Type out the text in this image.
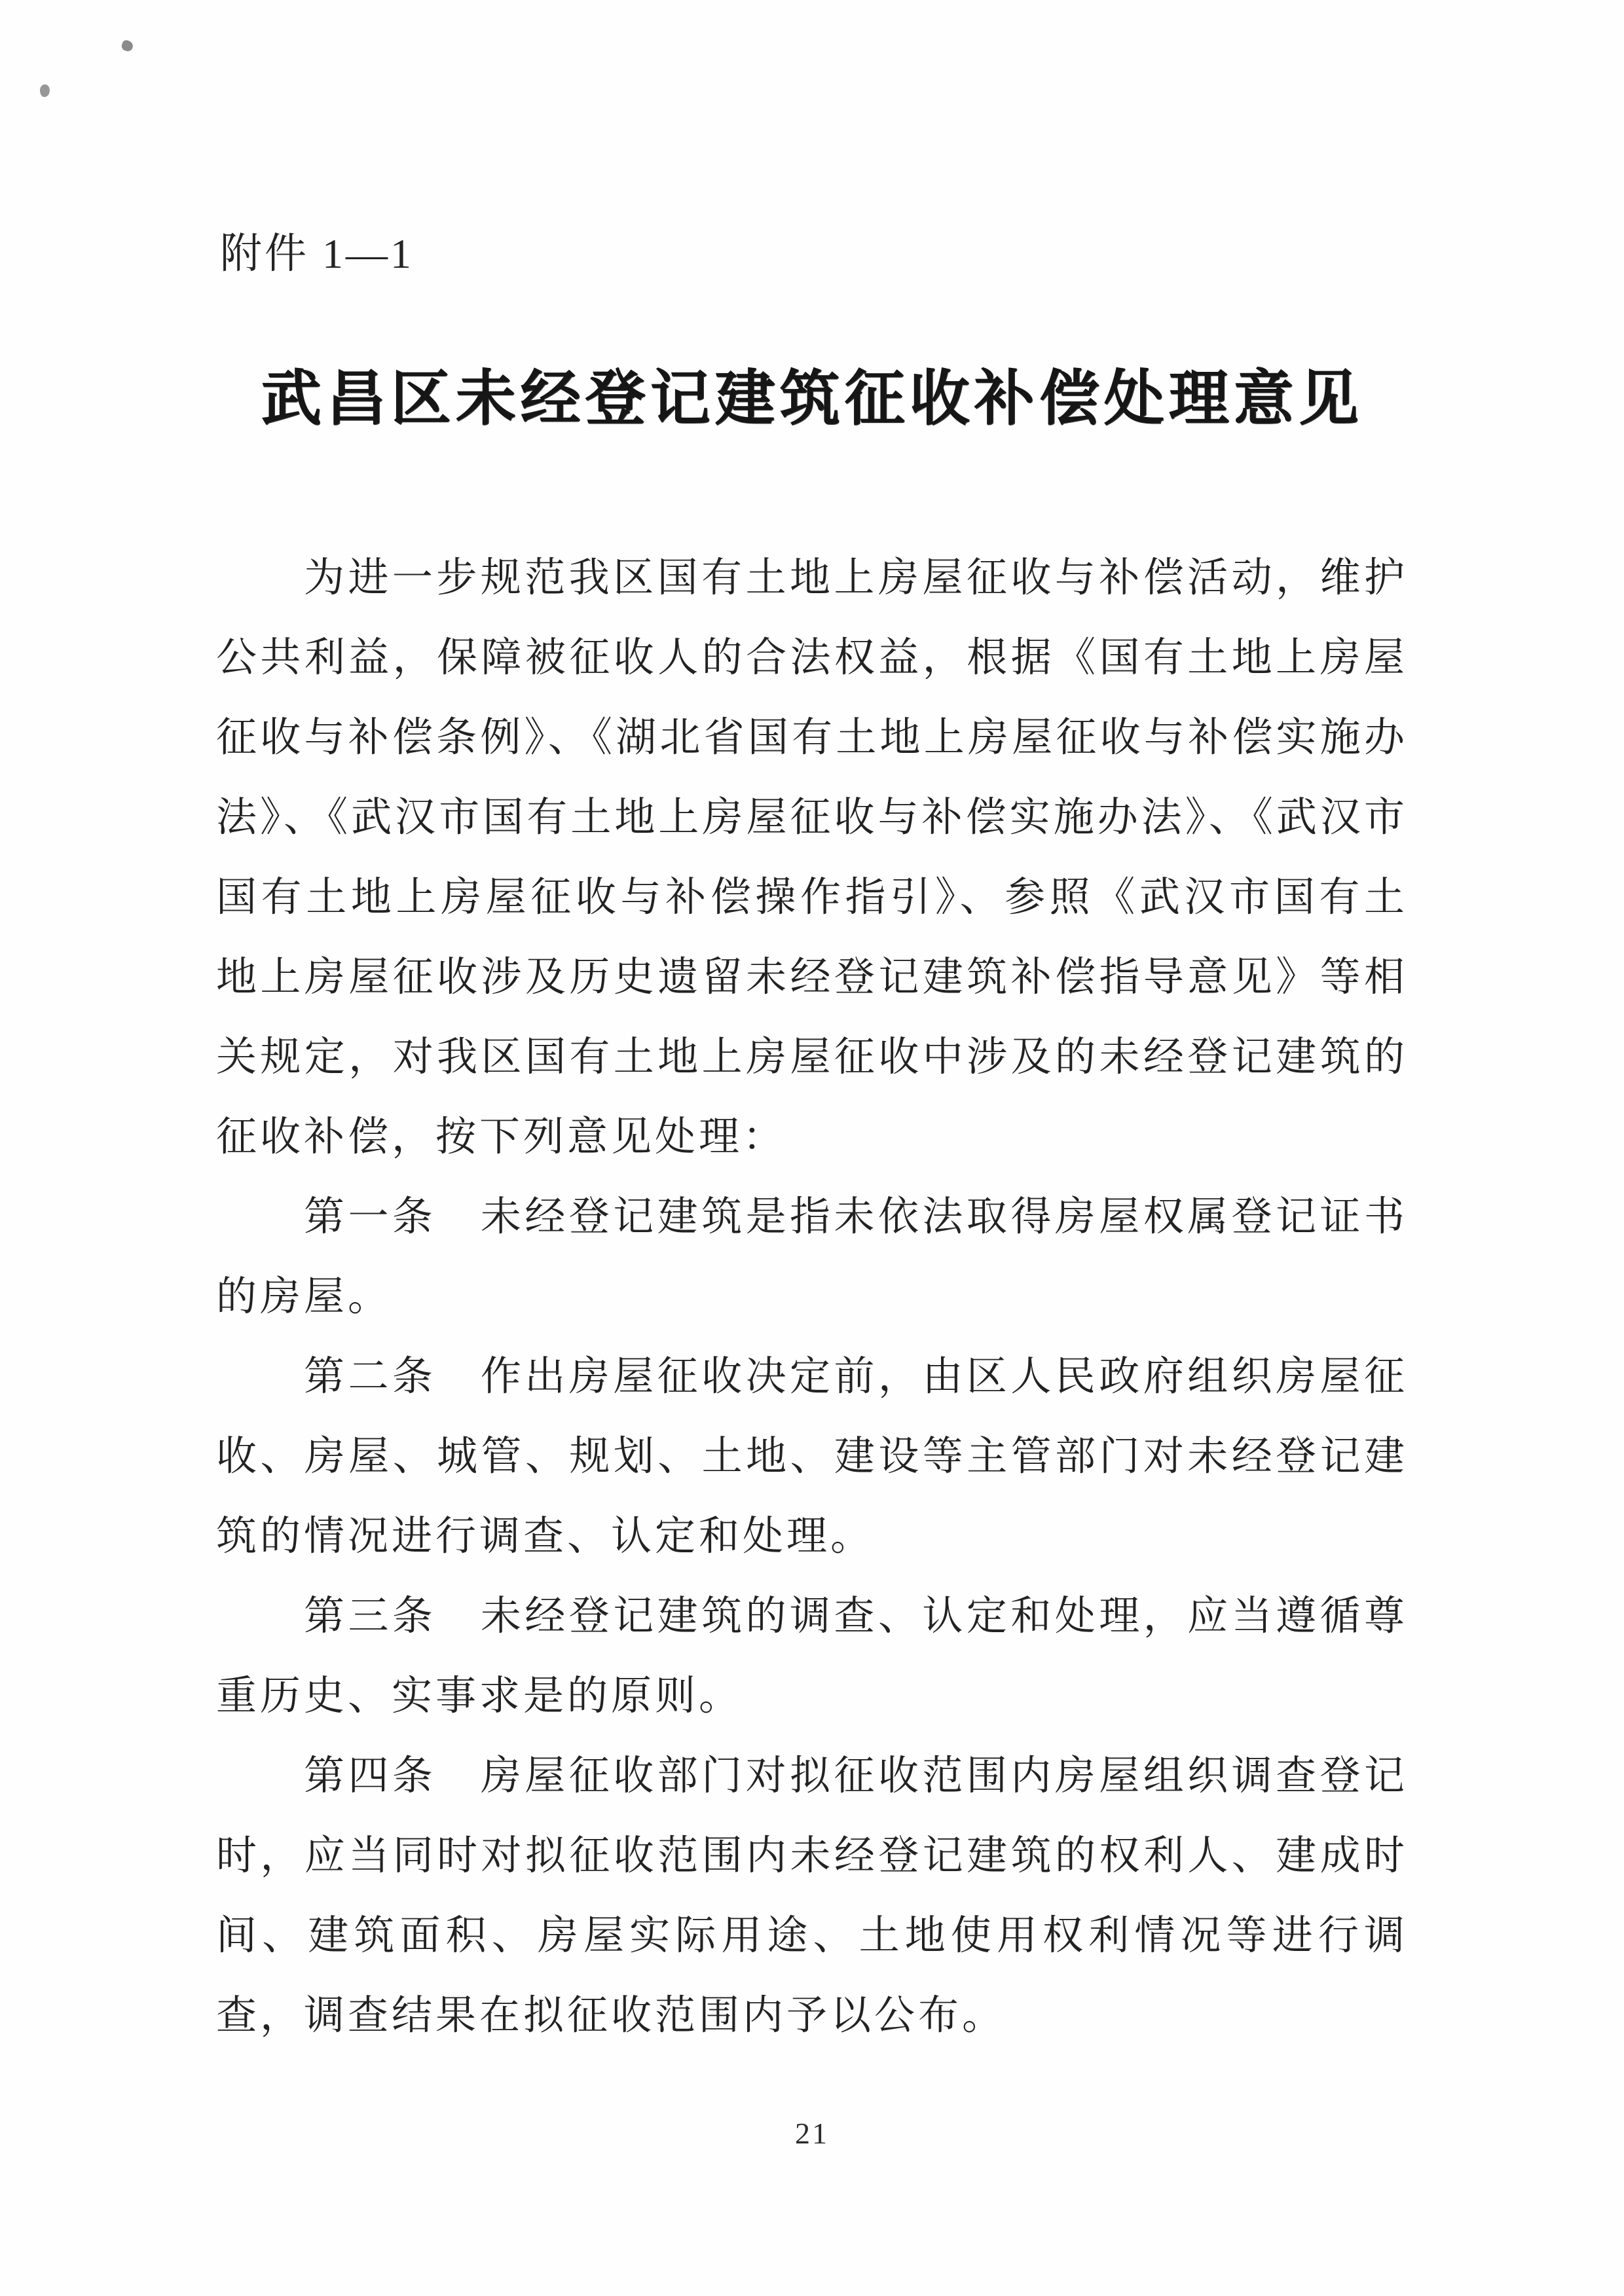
附件 1—1
武昌区未经登记建筑征收补偿处理意见

为进一步规范我区国有土地上房屋征收与补偿活动，维护公共利益，保障被征收人的合法权益，根据《国有土地上房屋征收与补偿条例》、《湖北省国有土地上房屋征收与补偿实施办法》、《武汉市国有土地上房屋征收与补偿实施办法》、《武汉市国有土地上房屋征收与补偿操作指引》、参照《武汉市国有土地上房屋征收涉及历史遗留未经登记建筑补偿指导意见》等相关规定，对我区国有土地上房屋征收中涉及的未经登记建筑的征收补偿，按下列意见处理：

第一条　未经登记建筑是指未依法取得房屋权属登记证书的房屋。

第二条　作出房屋征收决定前，由区人民政府组织房屋征收、房屋、城管、规划、土地、建设等主管部门对未经登记建筑的情况进行调查、认定和处理。

第三条　未经登记建筑的调查、认定和处理，应当遵循尊重历史、实事求是的原则。

第四条　房屋征收部门对拟征收范围内房屋组织调查登记时，应当同时对拟征收范围内未经登记建筑的权利人、建成时间、建筑面积、房屋实际用途、土地使用权利情况等进行调查，调查结果在拟征收范围内予以公布。

21
